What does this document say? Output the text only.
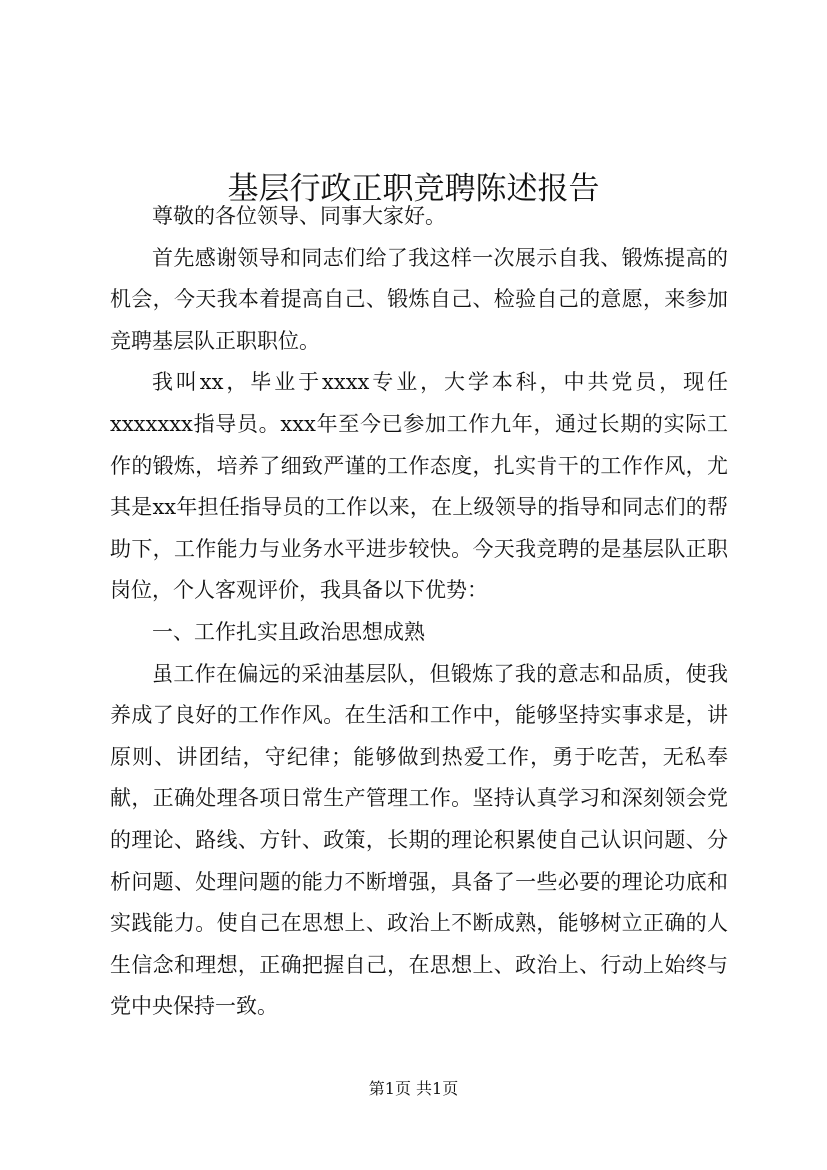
基层行政正职竞聘陈述报告

尊敬的各位领导、同事大家好。

首先感谢领导和同志们给了我这样一次展示自我、锻炼提高的机会，今天我本着提高自己、锻炼自己、检验自己的意愿，来参加竞聘基层队正职职位。

我叫xx，毕业于xxxx专业，大学本科，中共党员，现任xxxxxxx指导员。xxx年至今已参加工作九年，通过长期的实际工作的锻炼，培养了细致严谨的工作态度，扎实肯干的工作作风，尤其是xx年担任指导员的工作以来，在上级领导的指导和同志们的帮助下，工作能力与业务水平进步较快。今天我竞聘的是基层队正职岗位，个人客观评价，我具备以下优势：

一、工作扎实且政治思想成熟

虽工作在偏远的采油基层队，但锻炼了我的意志和品质，使我养成了良好的工作作风。在生活和工作中，能够坚持实事求是，讲原则、讲团结，守纪律；能够做到热爱工作，勇于吃苦，无私奉献，正确处理各项日常生产管理工作。坚持认真学习和深刻领会党的理论、路线、方针、政策，长期的理论积累使自己认识问题、分析问题、处理问题的能力不断增强，具备了一些必要的理论功底和实践能力。使自己在思想上、政治上不断成熟，能够树立正确的人生信念和理想，正确把握自己，在思想上、政治上、行动上始终与党中央保持一致。

第1页 共1页
